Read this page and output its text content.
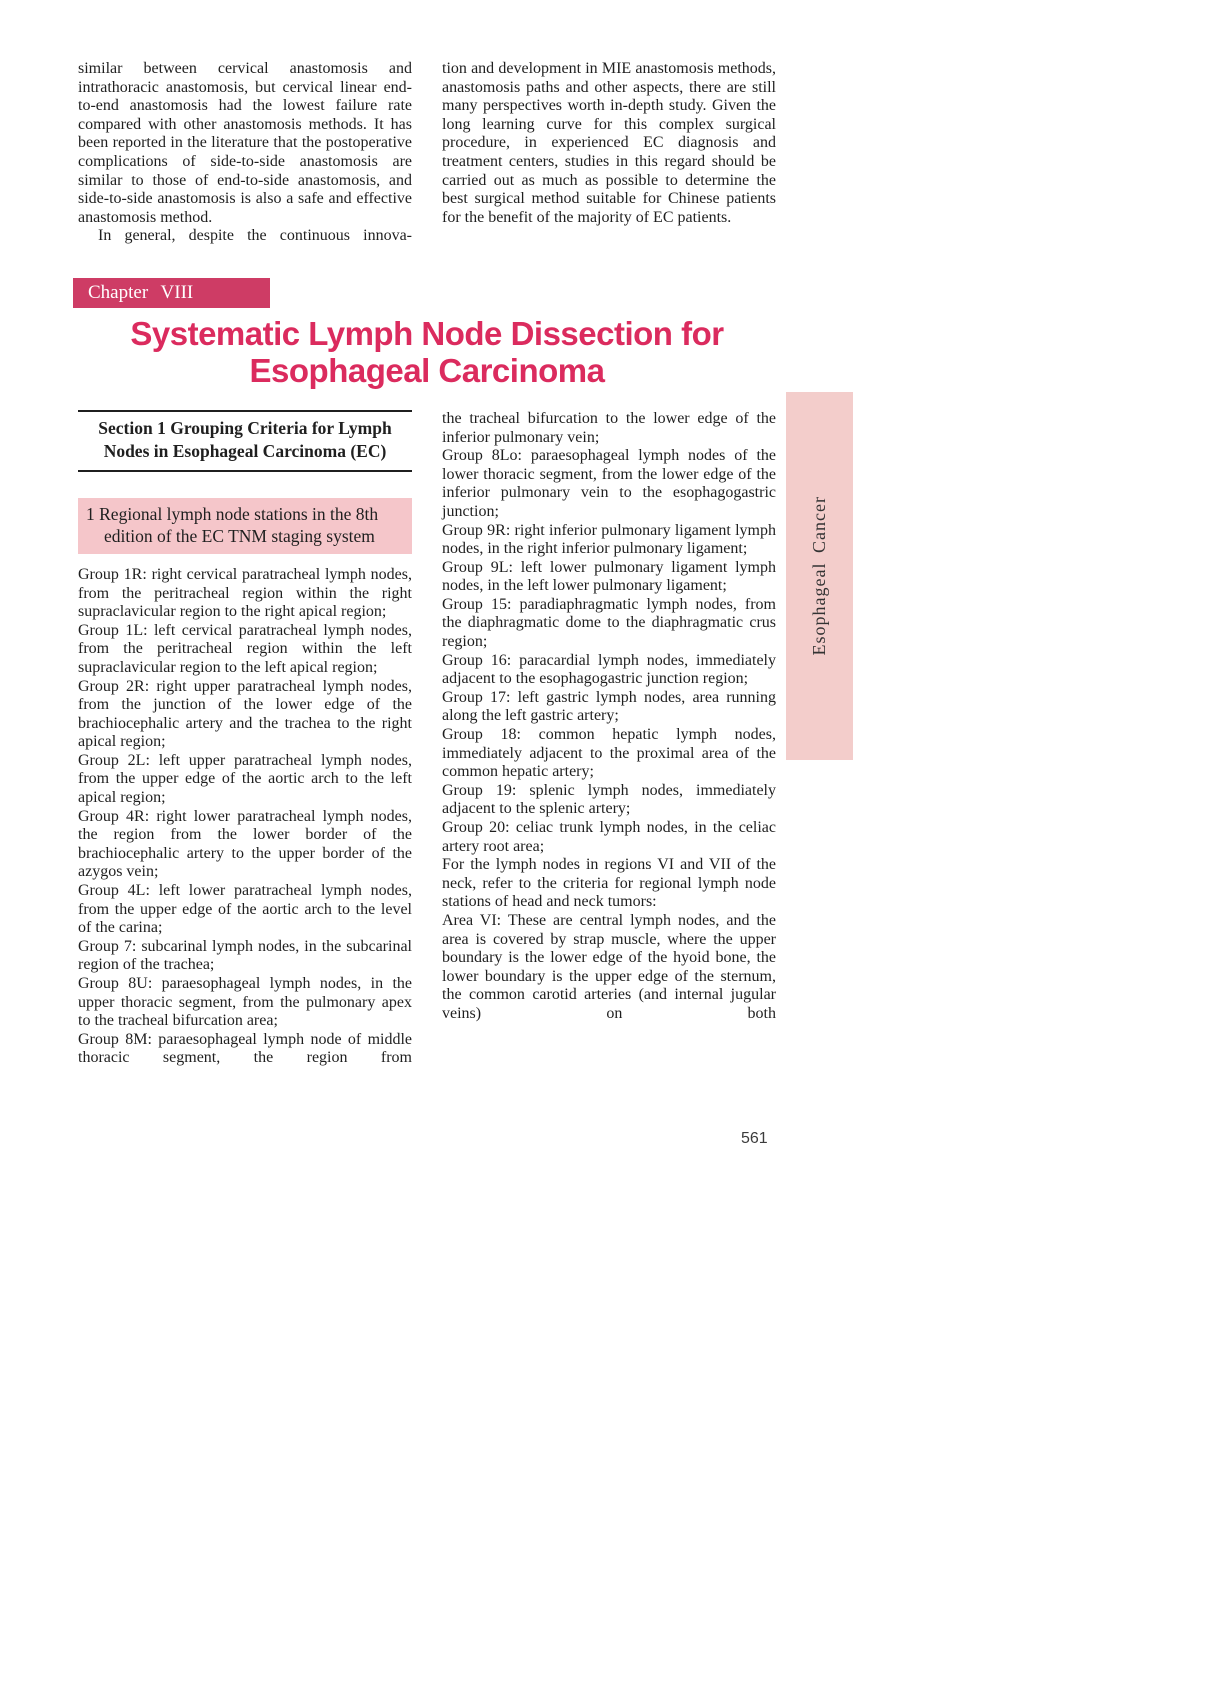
similar between cervical anastomosis and intrathoracic anastomosis, but cervical linear end-to-end anastomosis had the lowest failure rate compared with other anastomosis methods. It has been reported in the literature that the postoperative complications of side-to-side anastomosis are similar to those of end-to-side anastomosis, and side-to-side anastomosis is also a safe and effective anastomosis method.

In general, despite the continuous innova-

tion and development in MIE anastomosis methods, anastomosis paths and other aspects, there are still many perspectives worth in-depth study. Given the long learning curve for this complex surgical procedure, in experienced EC diagnosis and treatment centers, studies in this regard should be carried out as much as possible to determine the best surgical method suitable for Chinese patients for the benefit of the majority of EC patients.

Chapter VIII
Systematic Lymph Node Dissection for
Esophageal Carcinoma
Section 1 Grouping Criteria for Lymph Nodes in Esophageal Carcinoma (EC)
1 Regional lymph node stations in the 8th edition of the EC TNM staging system

Group 1R: right cervical paratracheal lymph nodes, from the peritracheal region within the right supraclavicular region to the right apical region;

Group 1L: left cervical paratracheal lymph nodes, from the peritracheal region within the left supraclavicular region to the left apical region;

Group 2R: right upper paratracheal lymph nodes, from the junction of the lower edge of the brachiocephalic artery and the trachea to the right apical region;

Group 2L: left upper paratracheal lymph nodes, from the upper edge of the aortic arch to the left apical region;

Group 4R: right lower paratracheal lymph nodes, the region from the lower border of the brachiocephalic artery to the upper border of the azygos vein;

Group 4L: left lower paratracheal lymph nodes, from the upper edge of the aortic arch to the level of the carina;

Group 7: subcarinal lymph nodes, in the subcarinal region of the trachea;

Group 8U: paraesophageal lymph nodes, in the upper thoracic segment, from the pulmonary apex to the tracheal bifurcation area;

Group 8M: paraesophageal lymph node of middle thoracic segment, the region from

the tracheal bifurcation to the lower edge of the inferior pulmonary vein;

Group 8Lo: paraesophageal lymph nodes of the lower thoracic segment, from the lower edge of the inferior pulmonary vein to the esophagogastric junction;

Group 9R: right inferior pulmonary ligament lymph nodes, in the right inferior pulmonary ligament;

Group 9L: left lower pulmonary ligament lymph nodes, in the left lower pulmonary ligament;

Group 15: paradiaphragmatic lymph nodes, from the diaphragmatic dome to the diaphragmatic crus region;

Group 16: paracardial lymph nodes, immediately adjacent to the esophagogastric junction region;

Group 17: left gastric lymph nodes, area running along the left gastric artery;

Group 18: common hepatic lymph nodes, immediately adjacent to the proximal area of the common hepatic artery;

Group 19: splenic lymph nodes, immediately adjacent to the splenic artery;

Group 20: celiac trunk lymph nodes, in the celiac artery root area;

For the lymph nodes in regions VI and VII of the neck, refer to the criteria for regional lymph node stations of head and neck tumors:

Area VI: These are central lymph nodes, and the area is covered by strap muscle, where the upper boundary is the lower edge of the hyoid bone, the lower boundary is the upper edge of the sternum, the common carotid arteries (and internal jugular veins) on both

Esophageal Cancer
561
